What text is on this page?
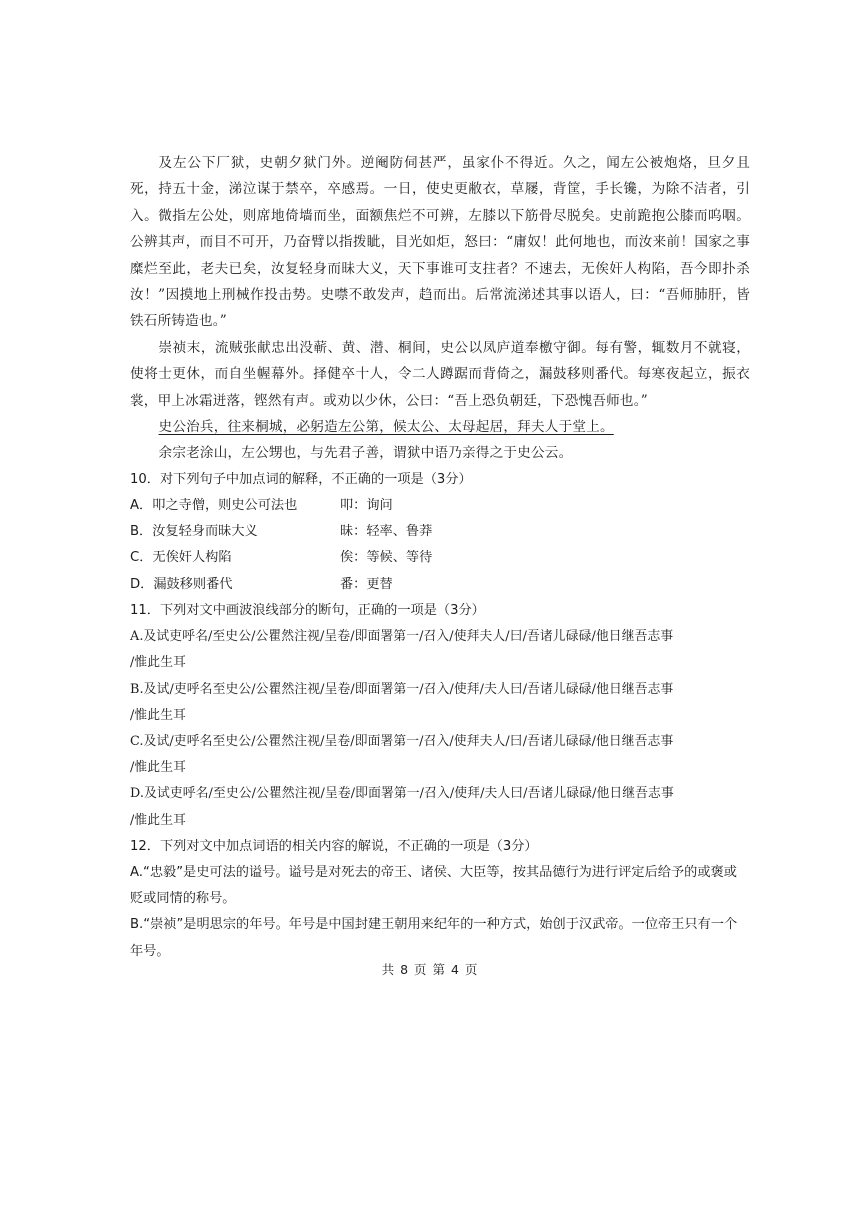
及左公下厂狱，史朝夕狱门外。逆阉防伺甚严，虽家仆不得近。久之，闻左公被炮烙，旦夕且死，持五十金，涕泣谋于禁卒，卒感焉。一日，使史更敝衣，草屦，背筐，手长镵，为除不洁者，引入。微指左公处，则席地倚墙而坐，面额焦烂不可辨，左膝以下筋骨尽脱矣。史前跪抱公膝而呜咽。公辨其声，而目不可开，乃奋臂以指拨眦，目光如炬，怒曰：“庸奴！此何地也，而汝来前！国家之事糜烂至此，老夫已矣，汝复轻身而昧大义，天下事谁可支拄者？不速去，无俟奸人构陷，吾今即扑杀汝！”因摸地上刑械作投击势。史噤不敢发声，趋而出。后常流涕述其事以语人，曰：“吾师肺肝，皆铁石所铸造也。”

崇祯末，流贼张献忠出没蕲、黄、潜、桐间，史公以凤庐道奉檄守御。每有警，辄数月不就寝，使将士更休，而自坐幄幕外。择健卒十人，令二人蹲踞而背倚之，漏鼓移则番代。每寒夜起立，振衣裳，甲上冰霜迸落，铿然有声。或劝以少休，公曰：“吾上恐负朝廷，下恐愧吾师也。”

史公治兵，往来桐城，必躬造左公第，候太公、太母起居，拜夫人于堂上。

余宗老涂山，左公甥也，与先君子善，谓狱中语乃亲得之于史公云。

10．对下列句子中加点词的解释，不正确的一项是（3分）

A．叩之寺僧，则史公可法也	叩：询问
B．汝复轻身而昧大义	昧：轻率、鲁莽
C．无俟奸人构陷	俟：等候、等待
D．漏鼓移则番代	番：更替

11．下列对文中画波浪线部分的断句，正确的一项是（3分）

A.及试吏呼名/至史公/公瞿然注视/呈卷/即面署第一/召入/使拜夫人/曰/吾诸儿碌碌/他日继吾志事

/惟此生耳

B.及试/吏呼名至史公/公瞿然注视/呈卷/即面署第一/召入/使拜/夫人曰/吾诸儿碌碌/他日继吾志事

/惟此生耳

C.及试/吏呼名至史公/公瞿然注视/呈卷/即面署第一/召入/使拜夫人/曰/吾诸儿碌碌/他日继吾志事

/惟此生耳

D.及试吏呼名/至史公/公瞿然注视/呈卷/即面署第一/召入/使拜/夫人曰/吾诸儿碌碌/他日继吾志事

/惟此生耳

12．下列对文中加点词语的相关内容的解说，不正确的一项是（3分）

A.“忠毅”是史可法的谥号。谥号是对死去的帝王、诸侯、大臣等，按其品德行为进行评定后给予的或褒或贬或同情的称号。

B.“崇祯”是明思宗的年号。年号是中国封建王朝用来纪年的一种方式，始创于汉武帝。一位帝王只有一个年号。

共 8 页 第 4 页
